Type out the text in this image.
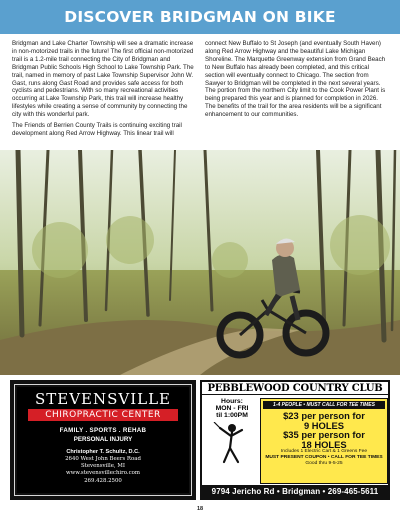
DISCOVER BRIDGMAN ON BIKE

Bridgman and Lake Charter Township will see a dramatic increase in non-motorized trails in the future! The first official non-motorized trail is a 1.2-mile trail connecting the City of Bridgman and Bridgman Public Schools High School to Lake Township Park. The trail, named in memory of past Lake Township Supervisor John W. Gast, runs along Gast Road and provides safe access for both cyclists and pedestrians. With so many recreational activities occurring at Lake Township Park, this trail will increase healthy lifestyles while creating a sense of community by connecting the city with this wonderful park.

The Friends of Berrien County Trails is continuing exciting trail development along Red Arrow Highway. This linear trail will

connect New Buffalo to St Joseph (and eventually South Haven) along Red Arrow Highway and the beautiful Lake Michigan Shoreline. The Marquette Greenway extension from Grand Beach to New Buffalo has already been completed, and this critical section will eventually connect to Chicago. The section from Sawyer to Bridgman will be completed in the next several years. The portion from the northern City limit to the Cook Power Plant is being prepared this year and is planned for completion in 2026. The benefits of the trail for the area residents will be a significant enhancement to our communities.

STEVENSVILLE
CHIROPRACTIC CENTER
FAMILY . SPORTS . REHAB
PERSONAL INJURY
Christopher T. Schultz, D.C.
2640 West John Beers Road
Stevensville, MI
www.stevensvillechiro.com
269.428.2500
PEBBLEWOOD COUNTRY CLUB
Hours:
MON - FRI
til 1:00PM
1-4 PEOPLE • MUST CALL FOR TEE TIMES
$23 per person for
9 HOLES
$35 per person for
18 HOLES
Includes 1 Electric Cart & 1 Greens Fee
MUST PRESENT COUPON • CALL FOR TEE TIMES
Good thru 9-5-25
9794 Jericho Rd • Bridgman • 269-465-5611
18
